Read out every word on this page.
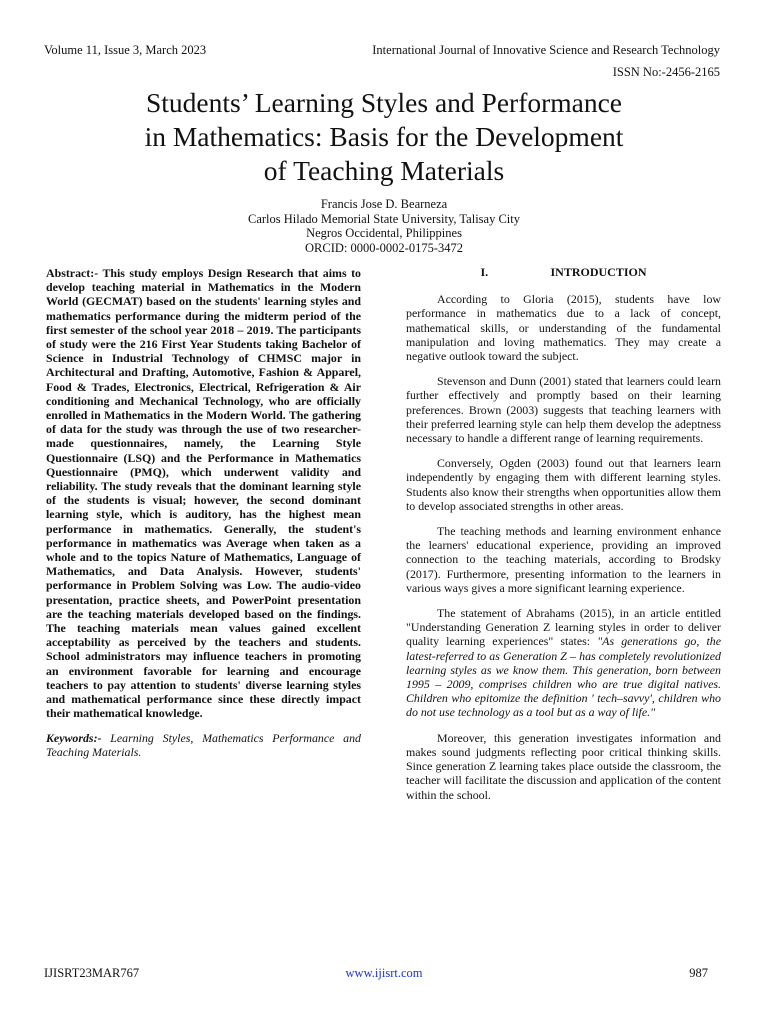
Volume 11, Issue 3, March 2023	International Journal of Innovative Science and Research Technology
ISSN No:-2456-2165
Students’ Learning Styles and Performance
in Mathematics: Basis for the Development
of Teaching Materials
Francis Jose D. Bearneza
Carlos Hilado Memorial State University, Talisay City
Negros Occidental, Philippines
ORCID: 0000-0002-0175-3472

Abstract:- This study employs Design Research that aims to develop teaching material in Mathematics in the Modern World (GECMAT) based on the students' learning styles and mathematics performance during the midterm period of the first semester of the school year 2018 – 2019. The participants of study were the 216 First Year Students taking Bachelor of Science in Industrial Technology of CHMSC major in Architectural and Drafting, Automotive, Fashion & Apparel, Food & Trades, Electronics, Electrical, Refrigeration & Air conditioning and Mechanical Technology, who are officially enrolled in Mathematics in the Modern World. The gathering of data for the study was through the use of two researcher-made questionnaires, namely, the Learning Style Questionnaire (LSQ) and the Performance in Mathematics Questionnaire (PMQ), which underwent validity and reliability. The study reveals that the dominant learning style of the students is visual; however, the second dominant learning style, which is auditory, has the highest mean performance in mathematics. Generally, the student's performance in mathematics was Average when taken as a whole and to the topics Nature of Mathematics, Language of Mathematics, and Data Analysis. However, students' performance in Problem Solving was Low. The audio-video presentation, practice sheets, and PowerPoint presentation are the teaching materials developed based on the findings. The teaching materials mean values gained excellent acceptability as perceived by the teachers and students. School administrators may influence teachers in promoting an environment favorable for learning and encourage teachers to pay attention to students' diverse learning styles and mathematical performance since these directly impact their mathematical knowledge.

Keywords:- Learning Styles, Mathematics Performance and Teaching Materials.

I.	INTRODUCTION

According to Gloria (2015), students have low performance in mathematics due to a lack of concept, mathematical skills, or understanding of the fundamental manipulation and loving mathematics. They may create a negative outlook toward the subject.

Stevenson and Dunn (2001) stated that learners could learn further effectively and promptly based on their learning preferences. Brown (2003) suggests that teaching learners with their preferred learning style can help them develop the adeptness necessary to handle a different range of learning requirements.

Conversely, Ogden (2003) found out that learners learn independently by engaging them with different learning styles. Students also know their strengths when opportunities allow them to develop associated strengths in other areas.

The teaching methods and learning environment enhance the learners' educational experience, providing an improved connection to the teaching materials, according to Brodsky (2017). Furthermore, presenting information to the learners in various ways gives a more significant learning experience.

The statement of Abrahams (2015), in an article entitled "Understanding Generation Z learning styles in order to deliver quality learning experiences" states: "As generations go, the latest-referred to as Generation Z – has completely revolutionized learning styles as we know them. This generation, born between 1995 – 2009, comprises children who are true digital natives. Children who epitomize the definition ' tech–savvy', children who do not use technology as a tool but as a way of life."

Moreover, this generation investigates information and makes sound judgments reflecting poor critical thinking skills. Since generation Z learning takes place outside the classroom, the teacher will facilitate the discussion and application of the content within the school.

IJISRT23MAR767	www.ijisrt.com	987
